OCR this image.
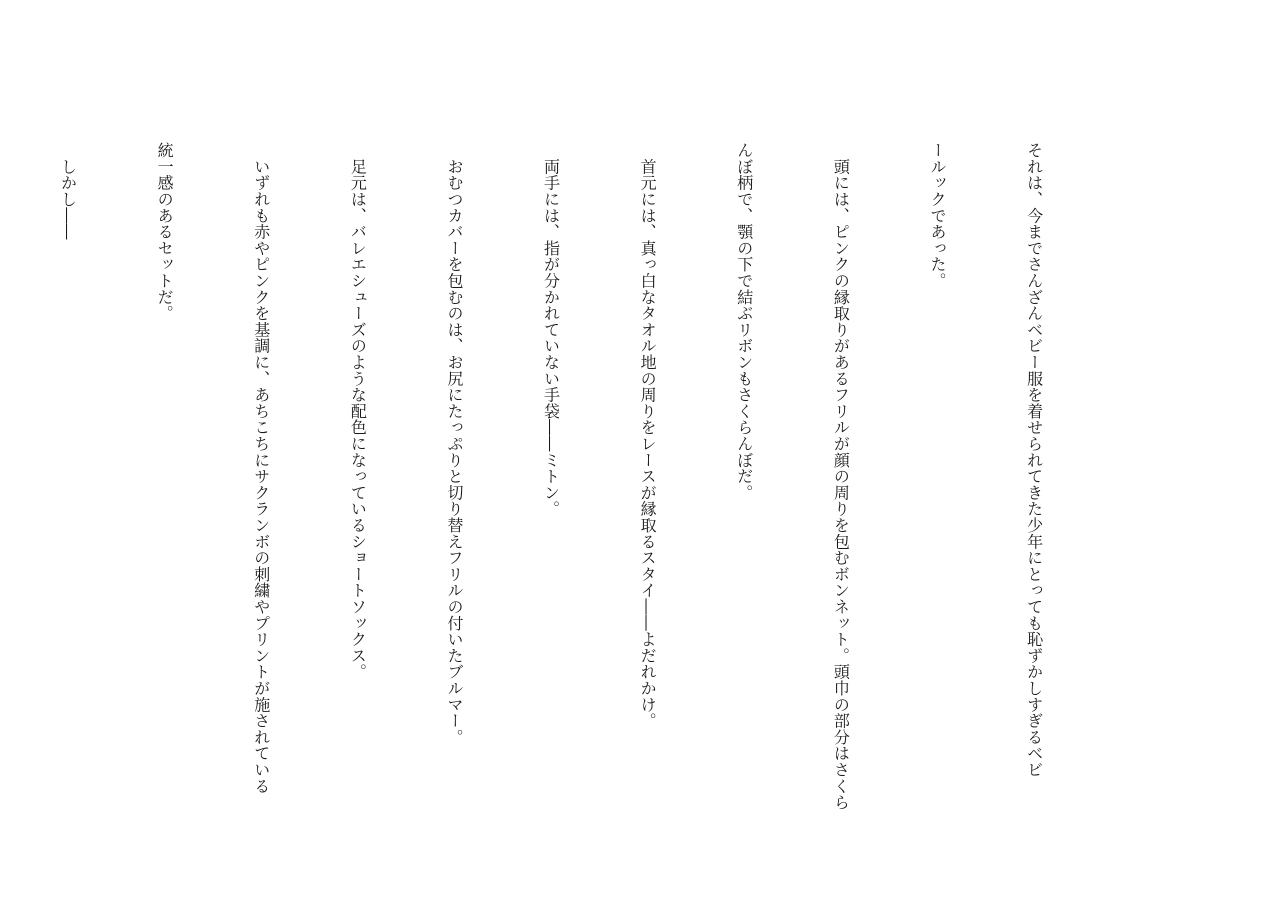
それは、今までさんざんベビー服を着せられてきた少年にとっても恥ずかしすぎるベビ

ールックであった。

　頭には、ピンクの縁取りがあるフリルが顔の周りを包むボンネット。頭巾の部分はさくら

んぼ柄で、顎の下で結ぶリボンもさくらんぼだ。

　首元には、真っ白なタオル地の周りをレースが縁取るスタイ――よだれかけ。

　両手には、指が分かれていない手袋――ミトン。

　おむつカバーを包むのは、お尻にたっぷりと切り替えフリルの付いたブルマー。

　足元は、バレエシューズのような配色になっているショートソックス。

　いずれも赤やピンクを基調に、あちこちにサクランボの刺繍やプリントが施されている

統一感のあるセットだ。

　しかし――
